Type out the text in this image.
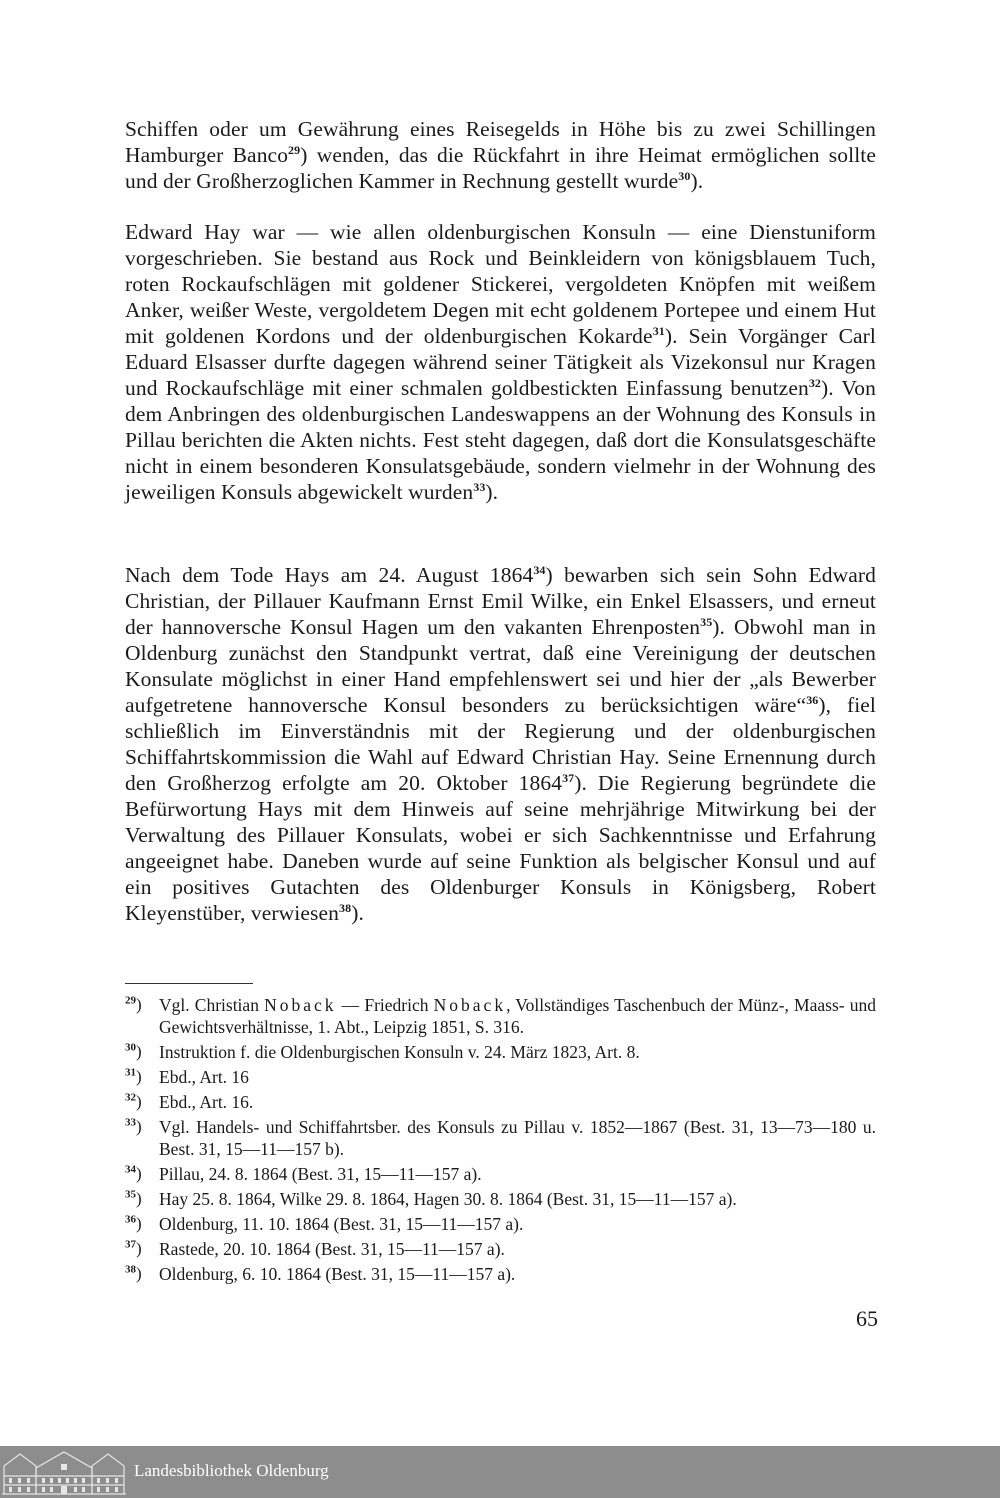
Schiffen oder um Gewährung eines Reisegelds in Höhe bis zu zwei Schillingen Hamburger Banco$^{29}$) wenden, das die Rückfahrt in ihre Heimat ermöglichen sollte und der Großherzoglichen Kammer in Rechnung gestellt wurde$^{30}$).

Edward Hay war — wie allen oldenburgischen Konsuln — eine Dienstuniform vorgeschrieben. Sie bestand aus Rock und Beinkleidern von königsblauem Tuch, roten Rockaufschlägen mit goldener Stickerei, vergoldeten Knöpfen mit weißem Anker, weißer Weste, vergoldetem Degen mit echt goldenem Portepee und einem Hut mit goldenen Kordons und der oldenburgischen Kokarde$^{31}$). Sein Vorgänger Carl Eduard Elsasser durfte dagegen während seiner Tätigkeit als Vizekonsul nur Kragen und Rockaufschläge mit einer schmalen goldbestickten Einfassung benutzen$^{32}$). Von dem Anbringen des oldenburgischen Landeswappens an der Wohnung des Konsuls in Pillau berichten die Akten nichts. Fest steht dagegen, daß dort die Konsulatsgeschäfte nicht in einem besonderen Konsulatsgebäude, sondern vielmehr in der Wohnung des jeweiligen Konsuls abgewickelt wurden$^{33}$).

Nach dem Tode Hays am 24. August 1864$^{34}$) bewarben sich sein Sohn Edward Christian, der Pillauer Kaufmann Ernst Emil Wilke, ein Enkel Elsassers, und erneut der hannoversche Konsul Hagen um den vakanten Ehrenposten$^{35}$). Obwohl man in Oldenburg zunächst den Standpunkt vertrat, daß eine Vereinigung der deutschen Konsulate möglichst in einer Hand empfehlenswert sei und hier der „als Bewerber aufgetretene hannoversche Konsul besonders zu berücksichtigen wäre“$^{36}$), fiel schließlich im Einverständnis mit der Regierung und der oldenburgischen Schiffahrtskommission die Wahl auf Edward Christian Hay. Seine Ernennung durch den Großherzog erfolgte am 20. Oktober 1864$^{37}$). Die Regierung begründete die Befürwortung Hays mit dem Hinweis auf seine mehrjährige Mitwirkung bei der Verwaltung des Pillauer Konsulats, wobei er sich Sachkenntnisse und Erfahrung angeeignet habe. Daneben wurde auf seine Funktion als belgischer Konsul und auf ein positives Gutachten des Oldenburger Konsuls in Königsberg, Robert Kleyenstüber, verwiesen$^{38}$).

$^{29}$) Vgl. Christian Noback — Friedrich Noback, Vollständiges Taschenbuch der Münz-, Maass- und Gewichtsverhältnisse, 1. Abt., Leipzig 1851, S. 316.
$^{30}$) Instruktion f. die Oldenburgischen Konsuln v. 24. März 1823, Art. 8.
$^{31}$) Ebd., Art. 16
$^{32}$) Ebd., Art. 16.
$^{33}$) Vgl. Handels- und Schiffahrtsber. des Konsuls zu Pillau v. 1852—1867 (Best. 31, 13—73—180 u. Best. 31, 15—11—157 b).
$^{34}$) Pillau, 24. 8. 1864 (Best. 31, 15—11—157 a).
$^{35}$) Hay 25. 8. 1864, Wilke 29. 8. 1864, Hagen 30. 8. 1864 (Best. 31, 15—11—157 a).
$^{36}$) Oldenburg, 11. 10. 1864 (Best. 31, 15—11—157 a).
$^{37}$) Rastede, 20. 10. 1864 (Best. 31, 15—11—157 a).
$^{38}$) Oldenburg, 6. 10. 1864 (Best. 31, 15—11—157 a).
65
Landesbibliothek Oldenburg
